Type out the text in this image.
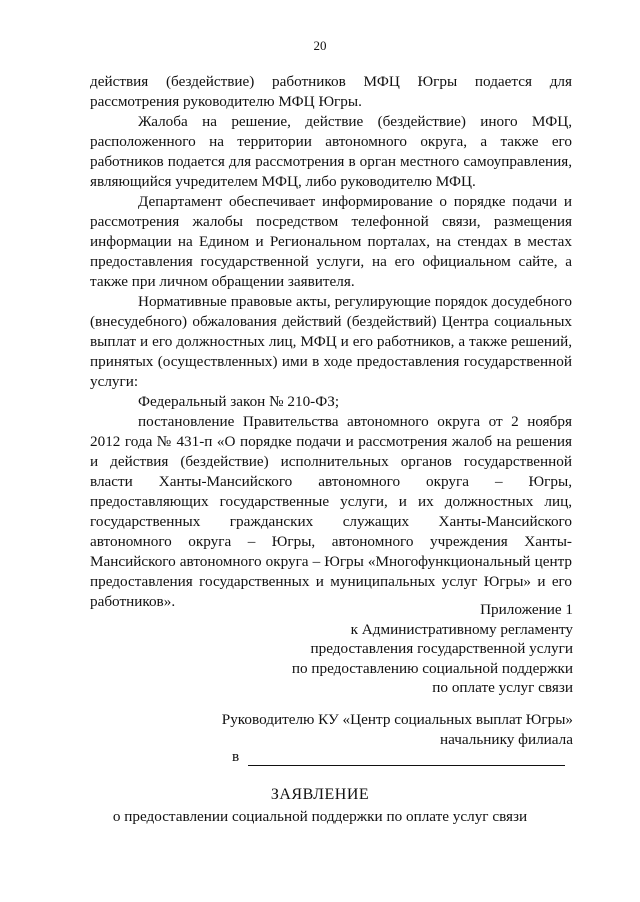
20

действия (бездействие) работников МФЦ Югры подается для рассмотрения руководителю МФЦ Югры.

Жалоба на решение, действие (бездействие) иного МФЦ, расположенного на территории автономного округа, а также его работников подается для рассмотрения в орган местного самоуправления, являющийся учредителем МФЦ, либо руководителю МФЦ.

Департамент обеспечивает информирование о порядке подачи и рассмотрения жалобы посредством телефонной связи, размещения информации на Едином и Региональном порталах, на стендах в местах предоставления государственной услуги, на его официальном сайте, а также при личном обращении заявителя.

Нормативные правовые акты, регулирующие порядок досудебного (внесудебного) обжалования действий (бездействий) Центра социальных выплат и его должностных лиц, МФЦ и его работников, а также решений, принятых (осуществленных) ими в ходе предоставления государственной услуги:

Федеральный закон № 210-ФЗ;

постановление Правительства автономного округа от 2 ноября 2012 года № 431-п «О порядке подачи и рассмотрения жалоб на решения и действия (бездействие) исполнительных органов государственной власти Ханты-Мансийского автономного округа – Югры, предоставляющих государственные услуги, и их должностных лиц, государственных гражданских служащих Ханты-Мансийского автономного округа – Югры, автономного учреждения Ханты-Мансийского автономного округа – Югры «Многофункциональный центр предоставления государственных и муниципальных услуг Югры» и его работников».	Приложение 1
к Административному регламенту
предоставления государственной услуги
по предоставлению социальной поддержки
по оплате услуг связи
Руководителю КУ «Центр социальных выплат Югры»
начальнику филиала
в
ЗАЯВЛЕНИЕ
о предоставлении социальной поддержки по оплате услуг связи
